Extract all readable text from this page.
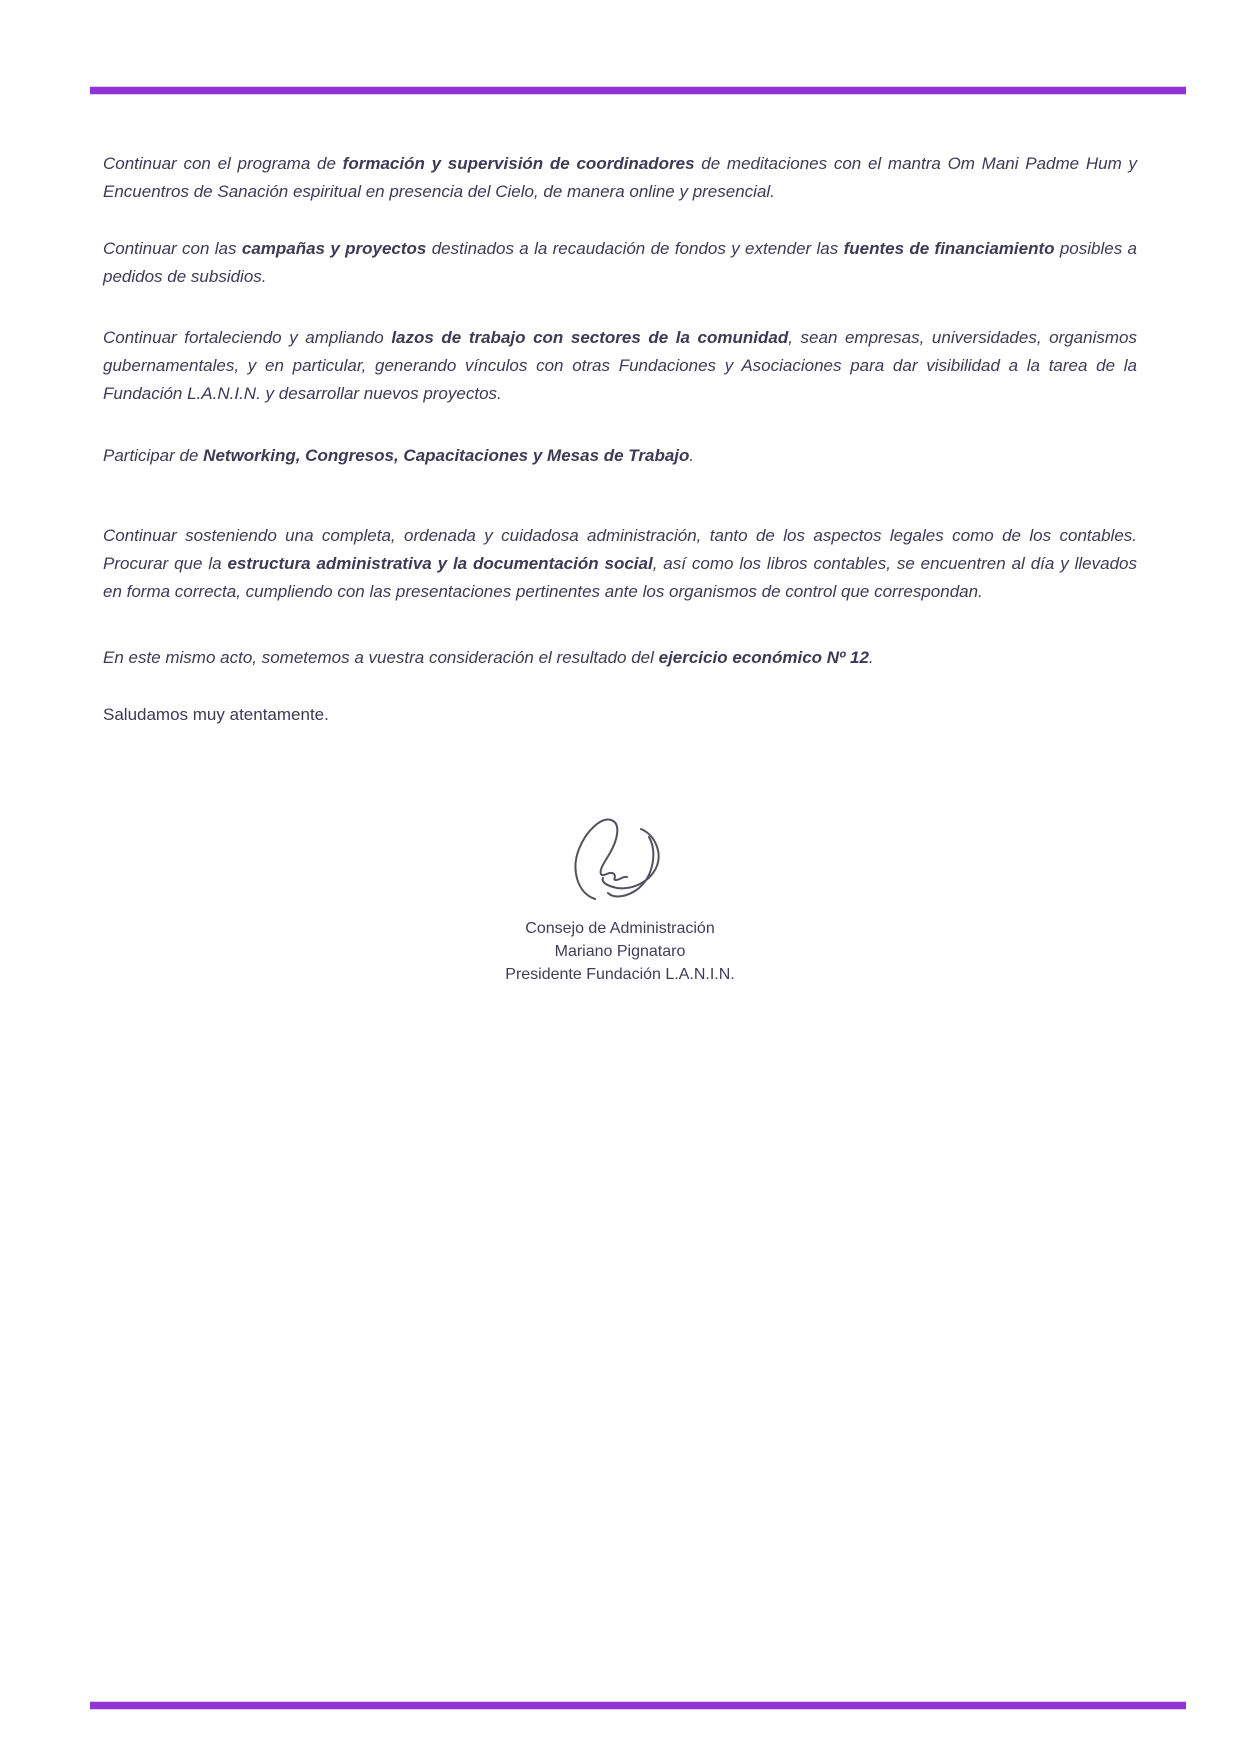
Continuar con el programa de formación y supervisión de coordinadores de meditaciones con el mantra Om Mani Padme Hum y Encuentros de Sanación espiritual en presencia del Cielo, de manera online y presencial.

Continuar con las campañas y proyectos destinados a la recaudación de fondos y extender las fuentes de financiamiento posibles a pedidos de subsidios.

Continuar fortaleciendo y ampliando lazos de trabajo con sectores de la comunidad, sean empresas, universidades, organismos gubernamentales, y en particular, generando vínculos con otras Fundaciones y Asociaciones para dar visibilidad a la tarea de la Fundación L.A.N.I.N. y desarrollar nuevos proyectos.

Participar de Networking, Congresos, Capacitaciones y Mesas de Trabajo.

Continuar sosteniendo una completa, ordenada y cuidadosa administración, tanto de los aspectos legales como de los contables. Procurar que la estructura administrativa y la documentación social, así como los libros contables, se encuentren al día y llevados en forma correcta, cumpliendo con las presentaciones pertinentes ante los organismos de control que correspondan.

En este mismo acto, sometemos a vuestra consideración el resultado del ejercicio económico Nº 12.

Saludamos muy atentamente.

Consejo de Administración
Mariano Pignataro
Presidente Fundación L.A.N.I.N.
